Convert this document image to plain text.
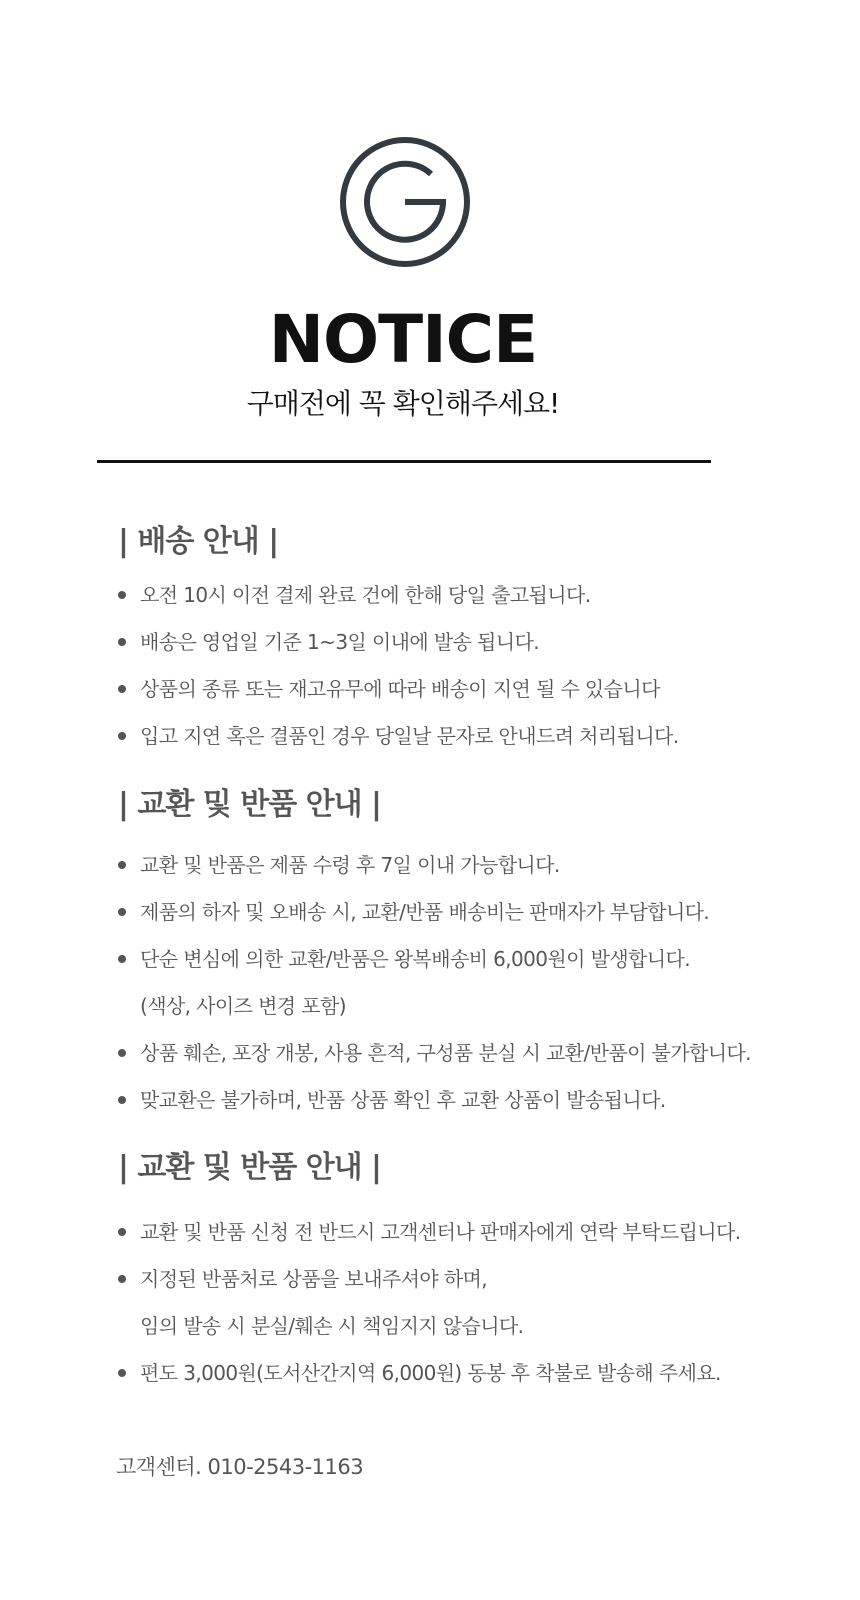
NOTICE
구매전에 꼭 확인해주세요!
| 배송 안내 |
오전 10시 이전 결제 완료 건에 한해 당일 출고됩니다.
배송은 영업일 기준 1~3일 이내에 발송 됩니다.
상품의 종류 또는 재고유무에 따라 배송이 지연 될 수 있습니다
입고 지연 혹은 결품인 경우 당일날 문자로 안내드려 처리됩니다.
| 교환 및 반품 안내 |
교환 및 반품은 제품 수령 후 7일 이내 가능합니다.
제품의 하자 및 오배송 시, 교환/반품 배송비는 판매자가 부담합니다.
단순 변심에 의한 교환/반품은 왕복배송비 6,000원이 발생합니다.
(색상, 사이즈 변경 포함)
상품 훼손, 포장 개봉, 사용 흔적, 구성품 분실 시 교환/반품이 불가합니다.
맞교환은 불가하며, 반품 상품 확인 후 교환 상품이 발송됩니다.
| 교환 및 반품 안내 |
교환 및 반품 신청 전 반드시 고객센터나 판매자에게 연락 부탁드립니다.
지정된 반품처로 상품을 보내주셔야 하며,
임의 발송 시 분실/훼손 시 책임지지 않습니다.
편도 3,000원(도서산간지역 6,000원) 동봉 후 착불로 발송해 주세요.
고객센터. 010-2543-1163
